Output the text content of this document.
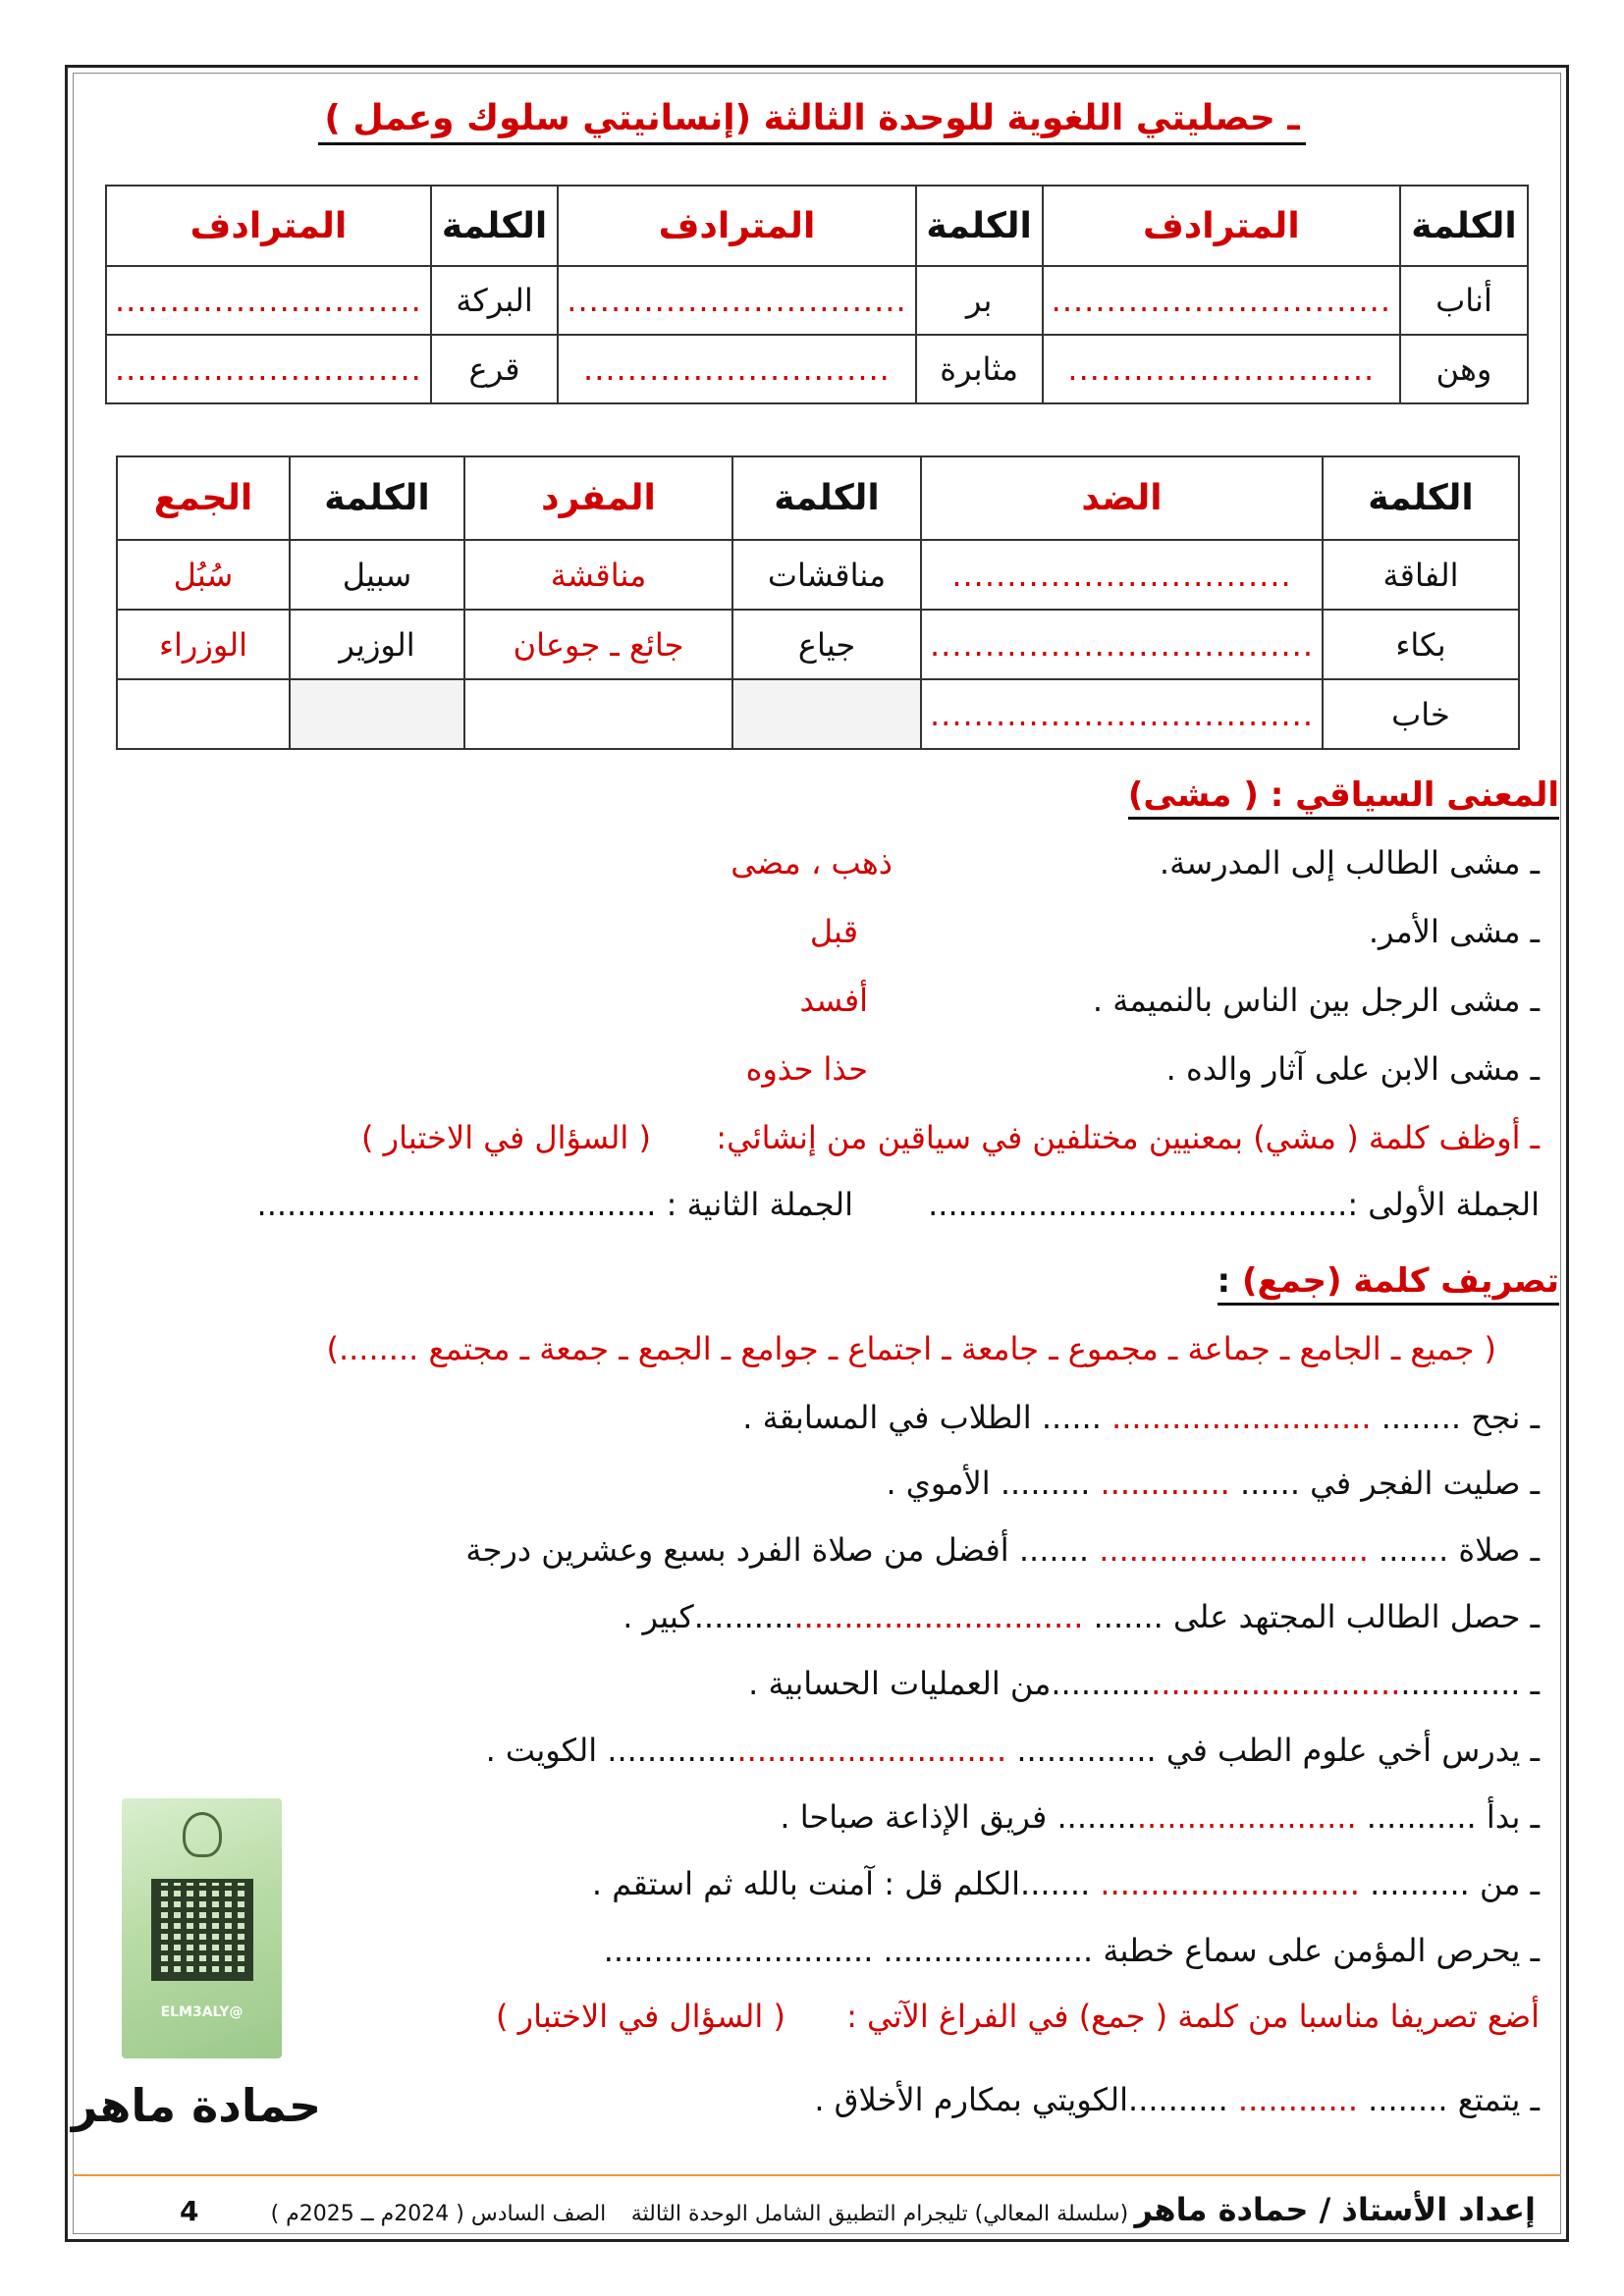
ـ حصليتي اللغوية للوحدة الثالثة (إنسانيتي سلوك وعمل )
الكلمة	المترادف	الكلمة	المترادف	الكلمة	المترادف
أناب	...............................	بر	...............................	البركة	............................
وهن	............................	مثابرة	............................	قرع	............................
الكلمة	الضد	الكلمة	المفرد	الكلمة	الجمع
الفاقة	...............................	مناقشات	مناقشة	سبيل	سُبُل
بكاء	...................................	جياع	جائع ـ جوعان	الوزير	الوزراء
خاب	...................................				
المعنى السياقي : ( مشى)
ـ مشى الطالب إلى المدرسة.
ذهب ، مضى
ـ مشى الأمر.
قبل
ـ مشى الرجل بين الناس بالنميمة .
أفسد
ـ مشى الابن على آثار والده .
حذا حذوه
ـ أوظف كلمة ( مشي) بمعنيين مختلفين في سياقين من إنشائي:
( السؤال في الاختبار )
الجملة الأولى :..........................................
الجملة الثانية : ........................................
تصريف كلمة (جمع) :
( جميع ـ الجامع ـ جماعة ـ مجموع ـ جامعة ـ اجتماع ـ جوامع ـ الجمع ـ جمعة ـ مجتمع ........)
ـ نجح ........ .......................... ...... الطلاب في المسابقة .
ـ صليت الفجر في ...... ............. ......... الأموي .
ـ صلاة ....... ........................... ....... أفضل من صلاة الفرد بسبع وعشرين درجة
ـ حصل الطالب المجتهد على ....... .......................................كبير .
ـ ...............................................من العمليات الحسابية .
ـ يدرس أخي علوم الطب في .............. ........................................ الكويت .
ـ بدأ ........... .............................. فريق الإذاعة صباحا .
ـ من .......... .......................... .......الكلم قل : آمنت بالله ثم استقم .
ـ يحرص المؤمن على سماع خطبة ..................... ...........................
أضع تصريفا مناسبا من كلمة ( جمع) في الفراغ الآتي :
( السؤال في الاختبار )
ـ يتمتع ........ ............ ..........الكويتي بمكارم الأخلاق .
@ELM3ALY
حمادة ماهر
إعداد الأستاذ / حمادة ماهر (سلسلة المعالي) تليجرام التطبيق الشامل الوحدة الثالثة    الصف السادس ( 2024م ــ 2025م )
4
